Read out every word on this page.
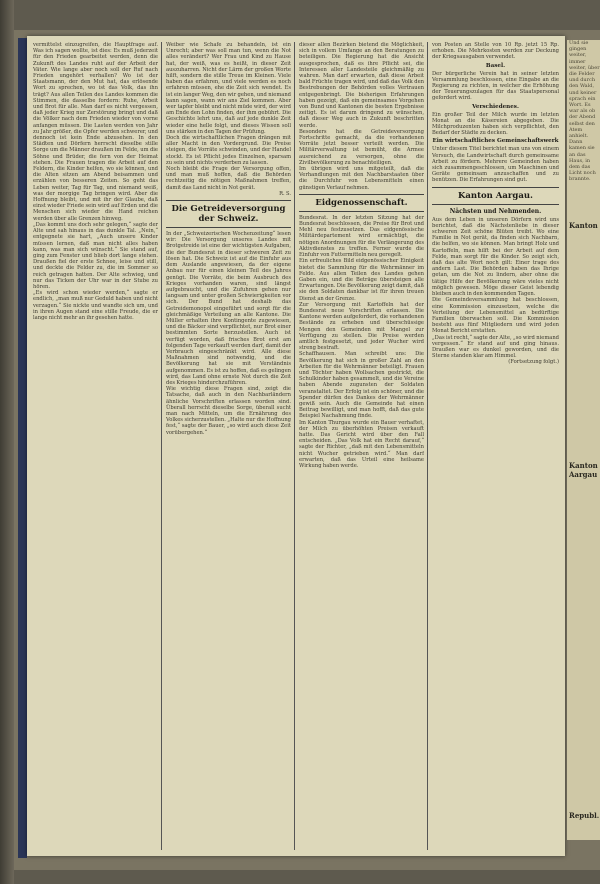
vermittelst einzugreifen, die Hauptfrage auf. Was ich sagen wollte, ist dies: Es muß jederzeit für den Frieden gearbeitet werden, denn die Zukunft des Landes ruht auf der Arbeit der Väter. Wie lange aber noch soll der Ruf nach Frieden ungehört verhallen? Wo ist der Staatsmann, der den Mut hat, das erlösende Wort zu sprechen, wo ist das Volk, das ihn trägt? Aus allen Teilen des Landes kommen die Stimmen, die dasselbe fordern: Ruhe, Arbeit und Brot für alle. Man darf es nicht vergessen, daß jeder Krieg nur Zerstörung bringt und daß die Völker nach dem Frieden wieder von vorne anfangen müssen. Die Lasten werden von Jahr zu Jahr größer, die Opfer werden schwerer, und dennoch ist kein Ende abzusehen. In den Städten und Dörfern herrscht dieselbe stille Sorge um die Männer draußen im Felde, um die Söhne und Brüder, die fern von der Heimat stehen. Die Frauen tragen die Arbeit auf den Feldern, die Kinder helfen, wo sie können, und die Alten sitzen am Abend beisammen und erzählen von besseren Zeiten. So geht das Leben weiter, Tag für Tag, und niemand weiß, was der morgige Tag bringen wird. Aber die Hoffnung bleibt, und mit ihr der Glaube, daß einst wieder Friede sein wird auf Erden und die Menschen sich wieder die Hand reichen werden über alle Grenzen hinweg.

„Das kommt uns doch sehr gelegen,“ sagte der Alte und sah hinaus in das dunkle Tal. „Nein,“ entgegnete sie hart, „Auch unsere Kinder müssen lernen, daß man nicht alles haben kann, was man sich wünscht.“ Sie stand auf, ging zum Fenster und blieb dort lange stehen. Draußen fiel der erste Schnee, leise und still, und deckte die Felder zu, die im Sommer so reich getragen hatten. Der Alte schwieg, und nur das Ticken der Uhr war in der Stube zu hören.

„Es wird schon wieder werden,“ sagte er endlich, „man muß nur Geduld haben und nicht verzagen.“ Sie nickte und wandte sich um, und in ihren Augen stand eine stille Freude, die er lange nicht mehr an ihr gesehen hatte.

Weiber wie Schafe zu behandeln, ist ein Unrecht; aber was soll man tun, wenn die Not alles verändert? Wer Frau und Kind zu Hause hat, der weiß, was es heißt, in dieser Zeit auszuharren. Nicht der Lärm der großen Worte hilft, sondern die stille Treue im Kleinen. Viele haben das erfahren, und viele werden es noch erfahren müssen, ehe die Zeit sich wendet. Es ist ein langer Weg, den wir gehen, und niemand kann sagen, wann wir ans Ziel kommen. Aber wer tapfer bleibt und nicht müde wird, der wird am Ende den Lohn finden, der ihm gebührt. Die Geschichte lehrt uns, daß auf jede dunkle Zeit wieder eine helle folgt, und dieses Wissen soll uns stärken in den Tagen der Prüfung.

Doch die wirtschaftlichen Fragen drängen mit aller Macht in den Vordergrund. Die Preise steigen, die Vorräte schwinden, und der Handel stockt. Es ist Pflicht jedes Einzelnen, sparsam zu sein und nichts verderben zu lassen.

Noch bleibt die Frage der Versorgung offen, und man muß hoffen, daß die Behörden rechtzeitig die nötigen Maßnahmen treffen, damit das Land nicht in Not gerät.

R. S.

Die Getreideversorgung der Schweiz.

In der „Schweizerischen Wochenzeitung“ lesen wir: Die Versorgung unseres Landes mit Brotgetreide ist eine der wichtigsten Aufgaben, die der Bundesrat in dieser schweren Zeit zu lösen hat. Die Schweiz ist auf die Einfuhr aus dem Auslande angewiesen, da der eigene Anbau nur für einen kleinen Teil des Jahres genügt. Die Vorräte, die beim Ausbruch des Krieges vorhanden waren, sind längst aufgebraucht, und die Zufuhren gehen nur langsam und unter großen Schwierigkeiten vor sich. Der Bund hat deshalb das Getreidemonopol eingeführt und sorgt für die gleichmäßige Verteilung an alle Kantone. Die Müller erhalten ihre Kontingente zugewiesen, und die Bäcker sind verpflichtet, nur Brot einer bestimmten Sorte herzustellen. Auch ist verfügt worden, daß frisches Brot erst am folgenden Tage verkauft werden darf, damit der Verbrauch eingeschränkt wird. Alle diese Maßnahmen sind notwendig, und die Bevölkerung hat sie mit Verständnis aufgenommen. Es ist zu hoffen, daß es gelingen wird, das Land ohne ernste Not durch die Zeit des Krieges hindurchzuführen.

Wie wichtig diese Fragen sind, zeigt die Tatsache, daß auch in den Nachbarländern ähnliche Vorschriften erlassen worden sind. Überall herrscht dieselbe Sorge, überall sucht man nach Mitteln, um die Ernährung des Volkes sicherzustellen. „Halte nur die Hoffnung fest,“ sagte der Bauer, „so wird auch diese Zeit vorübergehen.“

dieser allen Bezirken bietend die Möglichkeit, sich in vollem Umfange an den Beratungen zu beteiligen. Die Regierung hat die Ansicht ausgesprochen, daß es ihre Pflicht sei, die Interessen aller Landesteile gleichmäßig zu wahren. Man darf erwarten, daß diese Arbeit bald Früchte tragen wird, und daß das Volk den Bestrebungen der Behörden volles Vertrauen entgegenbringt. Die bisherigen Erfahrungen haben gezeigt, daß ein gemeinsames Vorgehen von Bund und Kantonen die besten Ergebnisse zeitigt. Es ist darum dringend zu wünschen, daß dieser Weg auch in Zukunft beschritten werde.

Besonders hat die Getreideversorgung Fortschritte gemacht, da die vorhandenen Vorräte jetzt besser verteilt werden. Die Militärverwaltung ist bemüht, die Armee ausreichend zu versorgen, ohne die Zivilbevölkerung zu benachteiligen.

Im übrigen wird uns mitgeteilt, daß die Verhandlungen mit den Nachbarstaaten über die Durchfuhr von Lebensmitteln einen günstigen Verlauf nehmen.

Eidgenossenschaft.

Bundesrat. In der letzten Sitzung hat der Bundesrat beschlossen, die Preise für Brot und Mehl neu festzusetzen. Das eidgenössische Militärdepartement wird ermächtigt, die nötigen Anordnungen für die Verlängerung des Aktivdienstes zu treffen. Ferner wurde die Einfuhr von Futtermitteln neu geregelt.

Ein erfreuliches Bild eidgenössischer Einigkeit bietet die Sammlung für die Wehrmänner im Felde. Aus allen Teilen des Landes gehen Gaben ein, und die Beträge übersteigen alle Erwartungen. Die Bevölkerung zeigt damit, daß sie den Soldaten dankbar ist für ihren treuen Dienst an der Grenze.

Zur Versorgung mit Kartoffeln hat der Bundesrat neue Vorschriften erlassen. Die Kantone werden aufgefordert, die vorhandenen Bestände zu erheben und überschüssige Mengen den Gemeinden mit Mangel zur Verfügung zu stellen. Die Preise werden amtlich festgesetzt, und jeder Wucher wird streng bestraft.

Schaffhausen. Man schreibt uns: Die Bevölkerung hat sich in großer Zahl an den Arbeiten für die Wehrmänner beteiligt. Frauen und Töchter haben Wollsachen gestrickt, die Schulkinder haben gesammelt, und die Vereine haben Abende zugunsten der Soldaten veranstaltet. Der Erfolg ist ein schöner, und die Spender dürfen des Dankes der Wehrmänner gewiß sein. Auch die Gemeinde hat einen Beitrag bewilligt, und man hofft, daß das gute Beispiel Nachahmung finde.

Im Kanton Thurgau wurde ein Bauer verhaftet, der Milch zu überhöhten Preisen verkauft hatte. Das Gericht wird über den Fall entscheiden. „Das Volk hat ein Recht darauf,“ sagte der Richter, „daß mit den Lebensmitteln nicht Wucher getrieben wird.“ Man darf erwarten, daß das Urteil eine heilsame Wirkung haben werde.

von Posten an Stelle von 10 Rp. jetzt 15 Rp. erhoben. Die Mehrkosten werden zur Deckung der Kriegsausgaben verwendet.

Basel.

Der bürgerliche Verein hat in seiner letzten Versammlung beschlossen, eine Eingabe an die Regierung zu richten, in welcher die Erhöhung der Teuerungszulagen für das Staatspersonal gefordert wird.

Verschiedenes.

Ein großer Teil der Milch wurde im letzten Monat an die Käsereien abgegeben. Die Milchproduzenten haben sich verpflichtet, den Bedarf der Städte zu decken.

Ein wirtschaftliches Gemeinschaftswerk

Unter diesem Titel berichtet man uns von einem Versuch, die Landwirtschaft durch gemeinsame Arbeit zu fördern. Mehrere Gemeinden haben sich zusammengeschlossen, um Maschinen und Geräte gemeinsam anzuschaffen und zu benützen. Die Erfahrungen sind gut.

Kanton Aargau.
Nächsten und Nehmenden.

Aus dem Leben in unseren Dörfern wird uns berichtet, daß die Nächstenliebe in dieser schweren Zeit schöne Blüten treibt. Wo eine Familie in Not gerät, da finden sich Nachbarn, die helfen, wo sie können. Man bringt Holz und Kartoffeln, man hilft bei der Arbeit auf dem Felde, man sorgt für die Kinder. So zeigt sich, daß das alte Wort noch gilt: Einer trage des andern Last. Die Behörden haben das Ihrige getan, um die Not zu lindern, aber ohne die tätige Hilfe der Bevölkerung wäre vieles nicht möglich gewesen. Möge dieser Geist lebendig bleiben auch in den kommenden Tagen.

Die Gemeindeversammlung hat beschlossen, eine Kommission einzusetzen, welche die Verteilung der Lebensmittel an bedürftige Familien überwachen soll. Die Kommission besteht aus fünf Mitgliedern und wird jeden Monat Bericht erstatten.

„Das ist recht,“ sagte der Alte, „so wird niemand vergessen.“ Er stand auf und ging hinaus. Draußen war es dunkel geworden, und die Sterne standen klar am Himmel.

(Fortsetzung folgt.)

Und sie gingen weiter, immer weiter, über die Felder und durch den Wald, und keiner sprach ein Wort. Es war als ob der Abend selbst den Atem anhielt. Dann kamen sie an das Haus, in dem das Licht noch brannte.
Kanton
Kanton Aargau
Republ.
